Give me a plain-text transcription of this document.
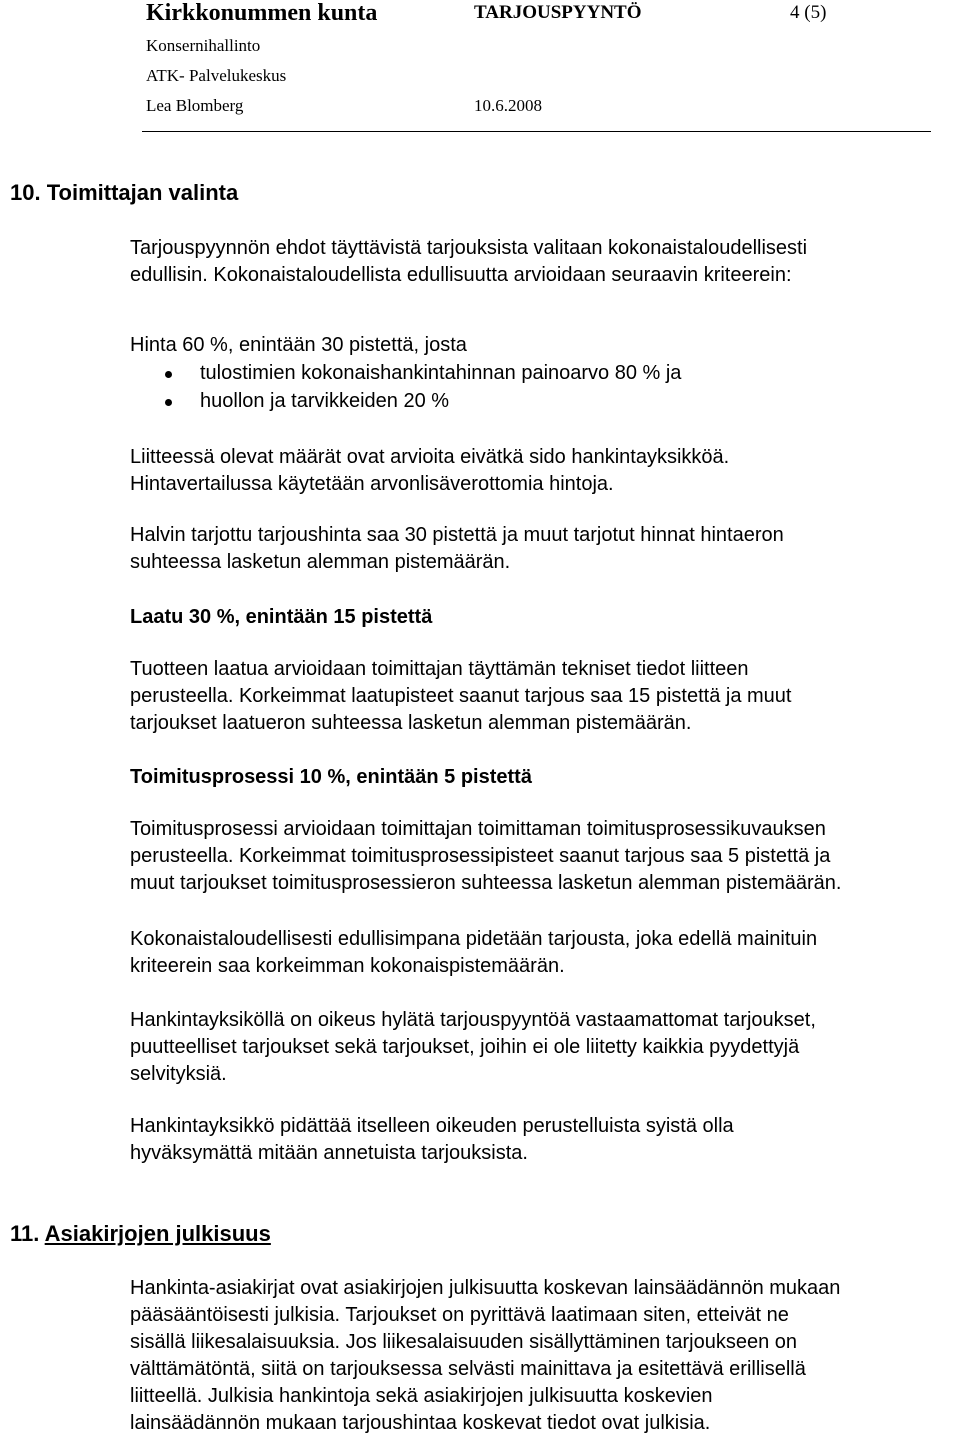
Kirkkonummen kunta	TARJOUSPYYNTÖ	4 (5)
Konsernihallinto
ATK- Palvelukeskus
Lea Blomberg	10.6.2008
10. Toimittajan valinta

Tarjouspyynnön ehdot täyttävistä tarjouksista valitaan kokonaistaloudellisesti

edullisin. Kokonaistaloudellista edullisuutta arvioidaan seuraavin kriteerein:

Hinta 60 %, enintään 30 pistettä, josta
tulostimien kokonaishankintahinnan painoarvo 80 % ja
huollon ja tarvikkeiden 20 %

Liitteessä olevat määrät ovat arvioita eivätkä sido hankintayksikköä.

Hintavertailussa käytetään arvonlisäverottomia hintoja.

Halvin tarjottu tarjoushinta saa 30 pistettä ja muut tarjotut hinnat hintaeron

suhteessa lasketun alemman pistemäärän.

Laatu 30 %, enintään 15 pistettä

Tuotteen laatua arvioidaan toimittajan täyttämän tekniset tiedot liitteen

perusteella. Korkeimmat laatupisteet saanut tarjous saa 15 pistettä ja muut

tarjoukset laatueron suhteessa lasketun alemman pistemäärän.

Toimitusprosessi 10 %, enintään 5 pistettä

Toimitusprosessi arvioidaan toimittajan toimittaman toimitusprosessikuvauksen

perusteella. Korkeimmat toimitusprosessipisteet saanut tarjous saa 5 pistettä ja

muut tarjoukset toimitusprosessieron suhteessa lasketun alemman pistemäärän.

Kokonaistaloudellisesti edullisimpana pidetään tarjousta, joka edellä mainituin

kriteerein saa korkeimman kokonaispistemäärän.

Hankintayksiköllä on oikeus hylätä tarjouspyyntöä vastaamattomat tarjoukset,

puutteelliset tarjoukset sekä tarjoukset, joihin ei ole liitetty kaikkia pyydettyjä

selvityksiä.

Hankintayksikkö pidättää itselleen oikeuden perustelluista syistä olla

hyväksymättä mitään annetuista tarjouksista.

11. Asiakirjojen julkisuus

Hankinta-asiakirjat ovat asiakirjojen julkisuutta koskevan lainsäädännön mukaan

pääsääntöisesti julkisia. Tarjoukset on pyrittävä laatimaan siten, etteivät ne

sisällä liikesalaisuuksia. Jos liikesalaisuuden sisällyttäminen tarjoukseen on

välttämätöntä, siitä on tarjouksessa selvästi mainittava ja esitettävä erillisellä

liitteellä. Julkisia hankintoja sekä asiakirjojen julkisuutta koskevien

lainsäädännön mukaan tarjoushintaa koskevat tiedot ovat julkisia.
